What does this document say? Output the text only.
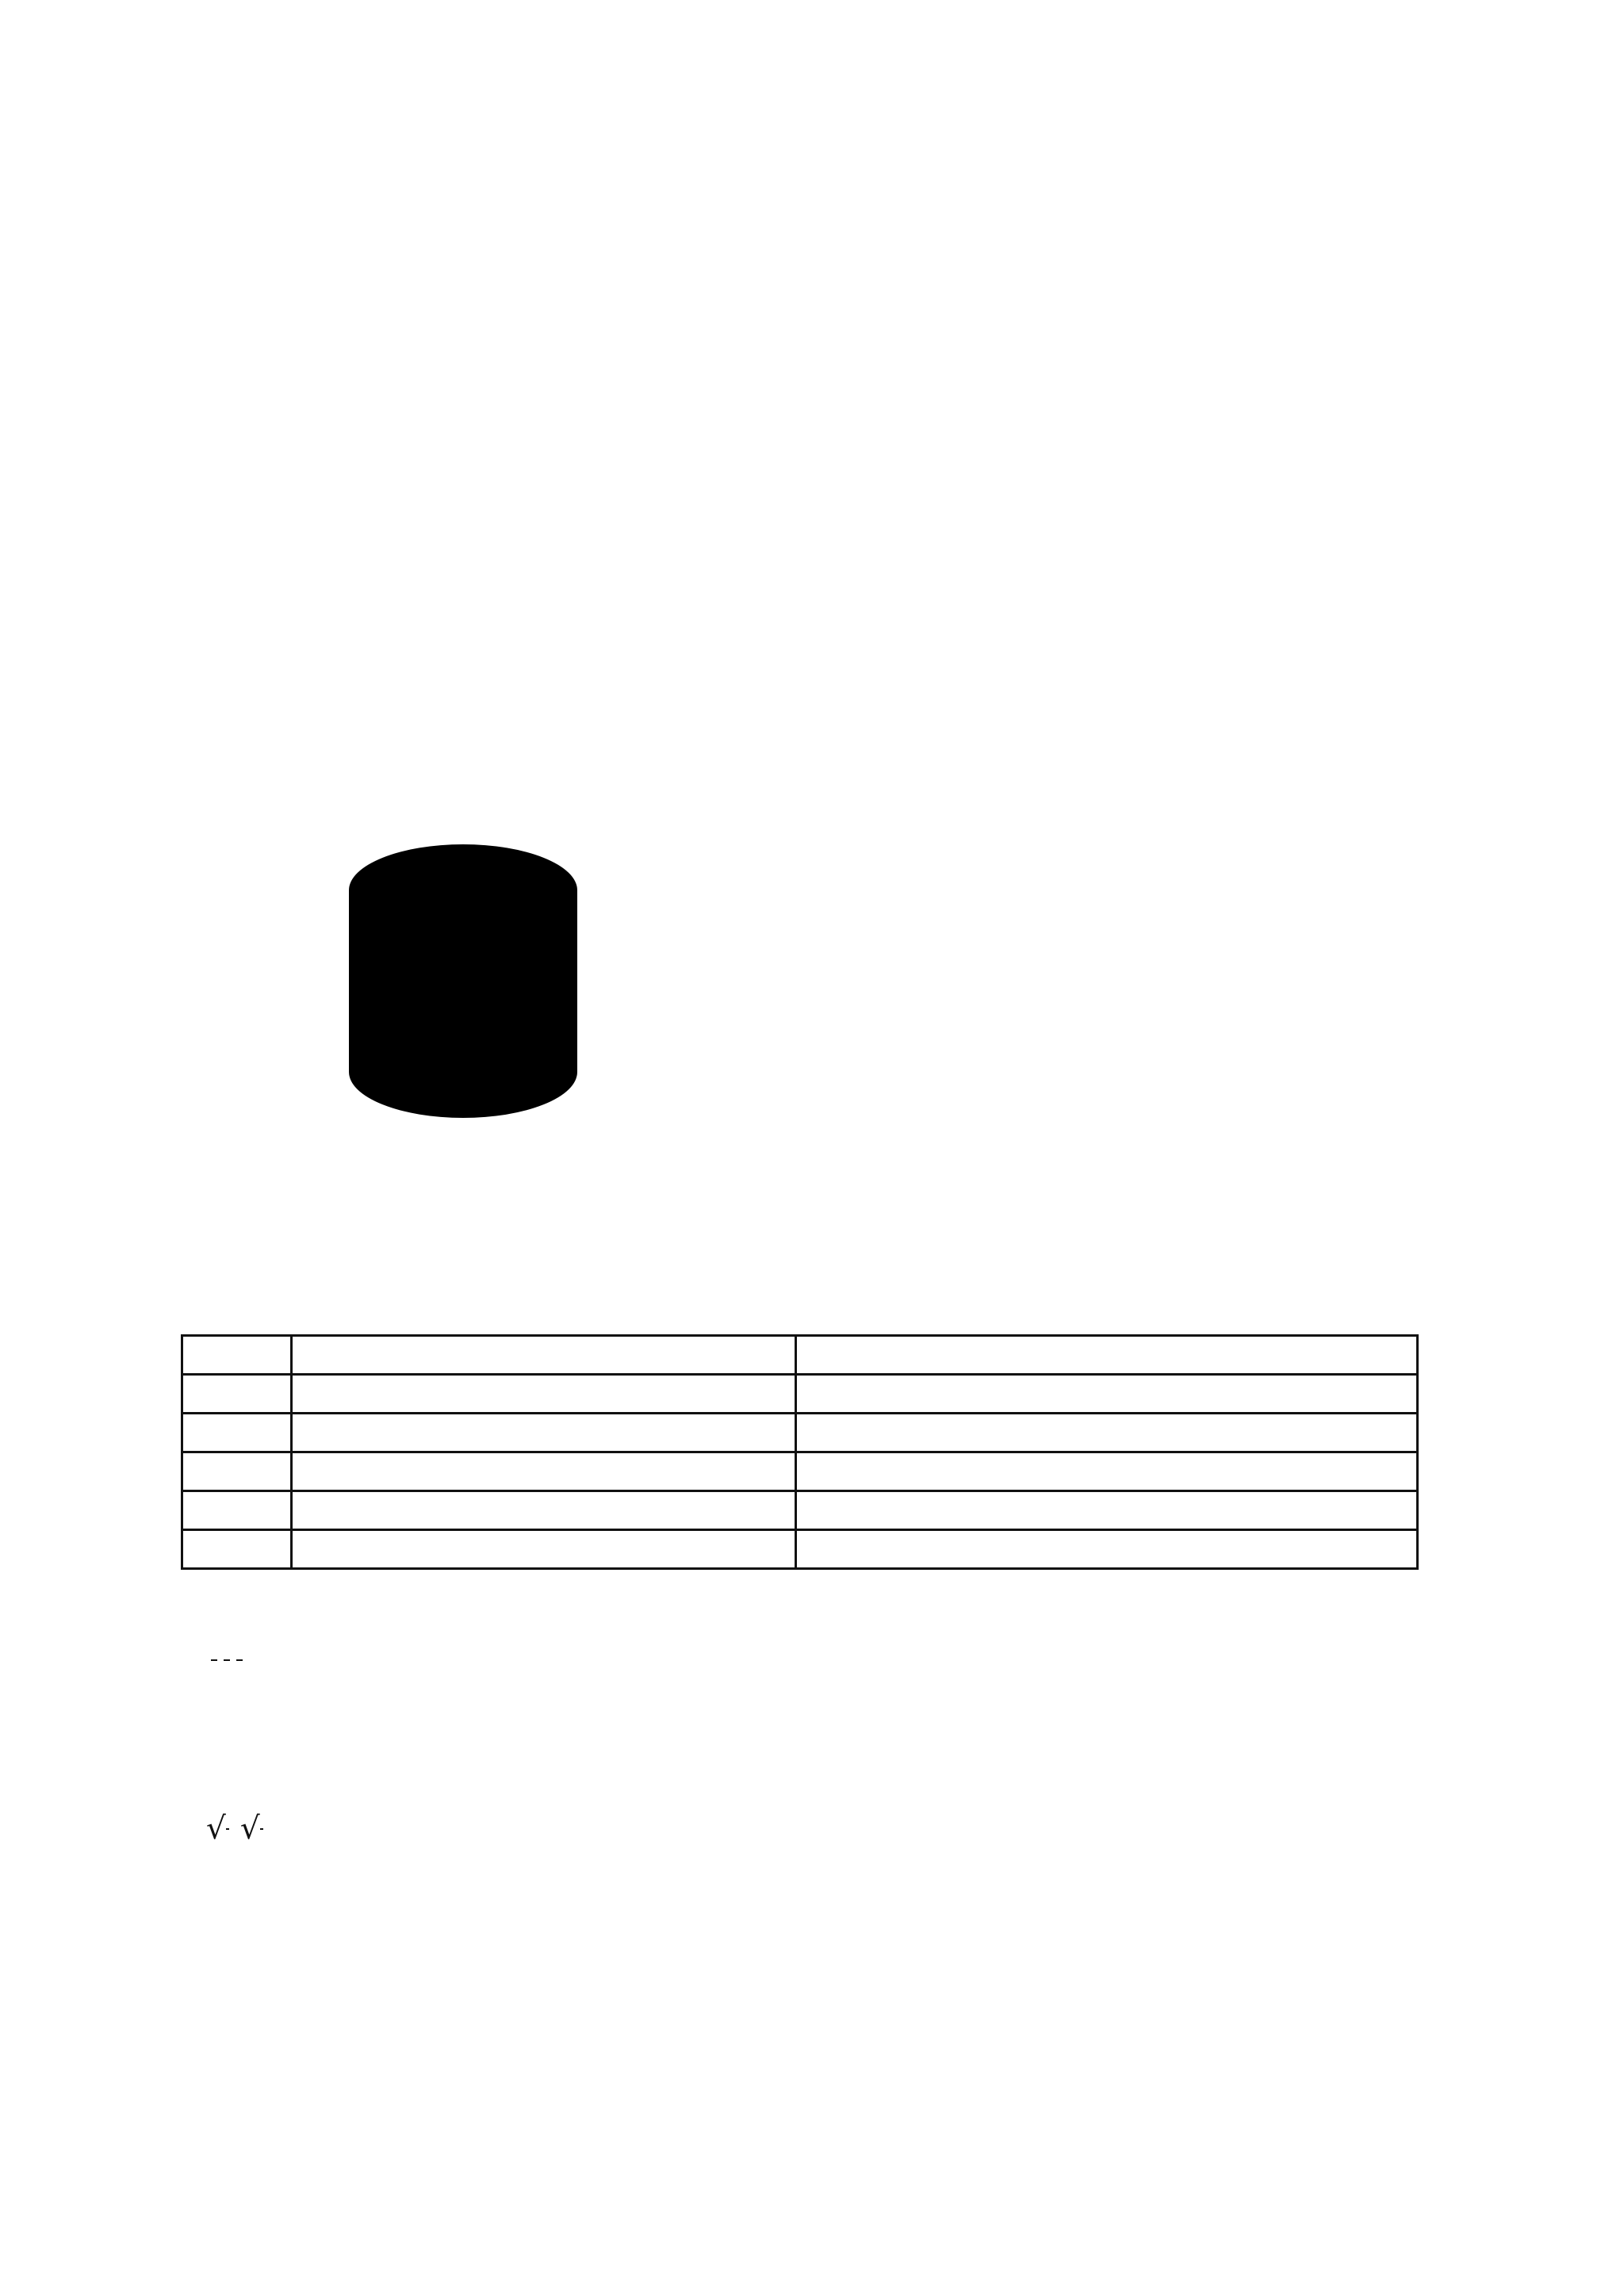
√ √
